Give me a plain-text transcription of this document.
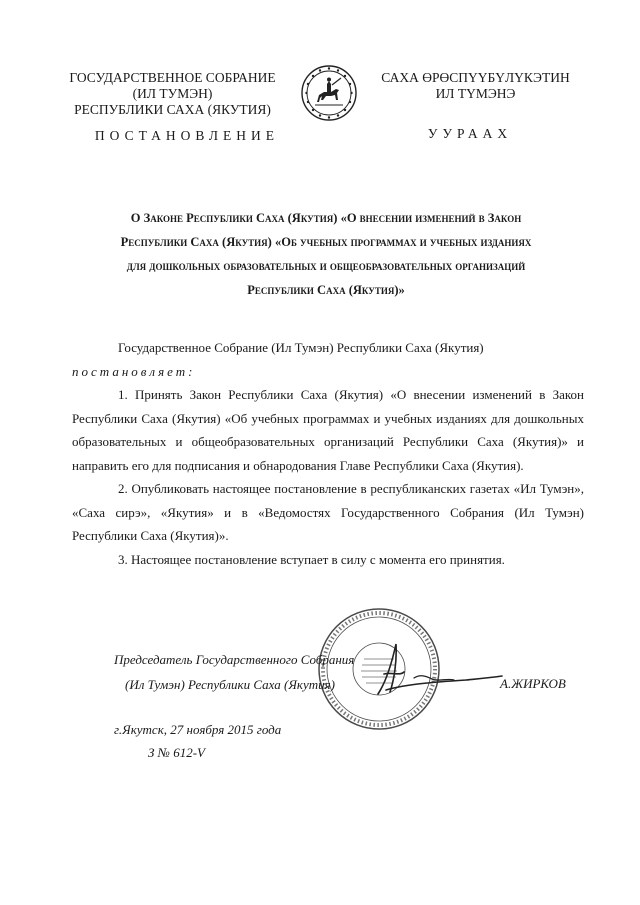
ГОСУДАРСТВЕННОЕ СОБРАНИЕ
(ИЛ ТУМЭН)
РЕСПУБЛИКИ САХА (ЯКУТИЯ)
САХА ӨРӨСПҮҮБҮЛҮКЭТИН
ИЛ ТҮМЭНЭ
ПОСТАНОВЛЕНИЕ	УУРААХ
О Законе Республики Саха (Якутия) «О внесении изменений в Закон
Республики Саха (Якутия) «Об учебных программах и учебных изданиях
для дошкольных образовательных и общеобразовательных организаций
Республики Саха (Якутия)»

Государственное Собрание (Ил Тумэн) Республики Саха (Якутия)

постановляет:

1. Принять Закон Республики Саха (Якутия) «О внесении изменений в Закон Республики Саха (Якутия) «Об учебных программах и учебных изданиях для дошкольных образовательных и общеобразовательных организаций Республики Саха (Якутия)» и направить его для подписания и обнародования Главе Республики Саха (Якутия).

2. Опубликовать настоящее постановление в республиканских газетах «Ил Тумэн», «Саха сирэ», «Якутия» и в «Ведомостях Государственного Собрания (Ил Тумэн) Республики Саха (Якутия)».

3. Настоящее постановление вступает в силу с момента его принятия.

Председатель Государственного Собрания
(Ил Тумэн) Республики Саха (Якутия)	А.ЖИРКОВ
г.Якутск, 27 ноября 2015 года
З № 612-V
